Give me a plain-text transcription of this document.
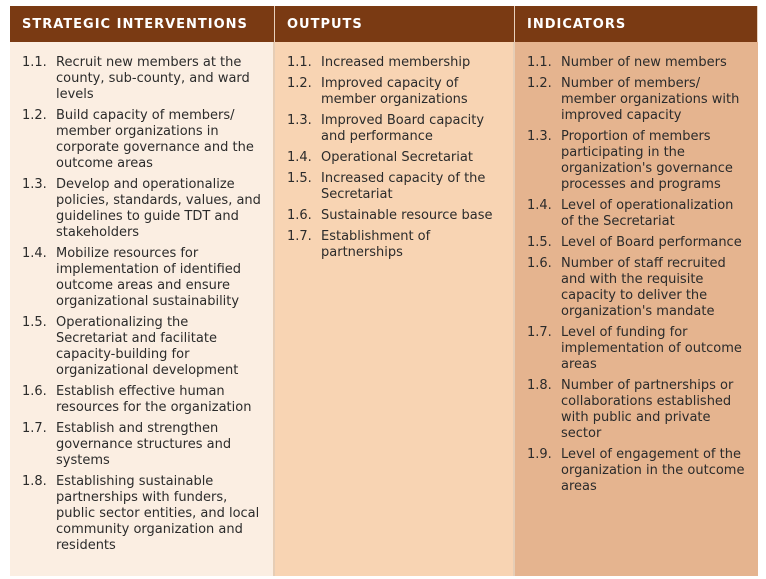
STRATEGIC INTERVENTIONS	OUTPUTS	INDICATORS
1.1. Recruit new members at the county, sub-county, and ward levels
1.2. Build capacity of members/ member organizations in corporate governance and the outcome areas
1.3. Develop and operationalize policies, standards, values, and guidelines to guide TDT and stakeholders
1.4. Mobilize resources for implementation of identified outcome areas and ensure organizational sustainability
1.5. Operationalizing the Secretariat and facilitate capacity-building for organizational development
1.6. Establish effective human resources for the organization
1.7. Establish and strengthen governance structures and systems
1.8. Establishing sustainable partnerships with funders, public sector entities, and local community organization and residents
1.1. Increased membership
1.2. Improved capacity of member organizations
1.3. Improved Board capacity and performance
1.4. Operational Secretariat
1.5. Increased capacity of the Secretariat
1.6. Sustainable resource base
1.7. Establishment of partnerships
1.1. Number of new members
1.2. Number of members/ member organizations with improved capacity
1.3. Proportion of members participating in the organization's governance processes and programs
1.4. Level of operationalization of the Secretariat
1.5. Level of Board performance
1.6. Number of staff recruited and with the requisite capacity to deliver the organization's mandate
1.7. Level of funding for implementation of outcome areas
1.8. Number of partnerships or collaborations established with public and private sector
1.9. Level of engagement of the organization in the outcome areas
